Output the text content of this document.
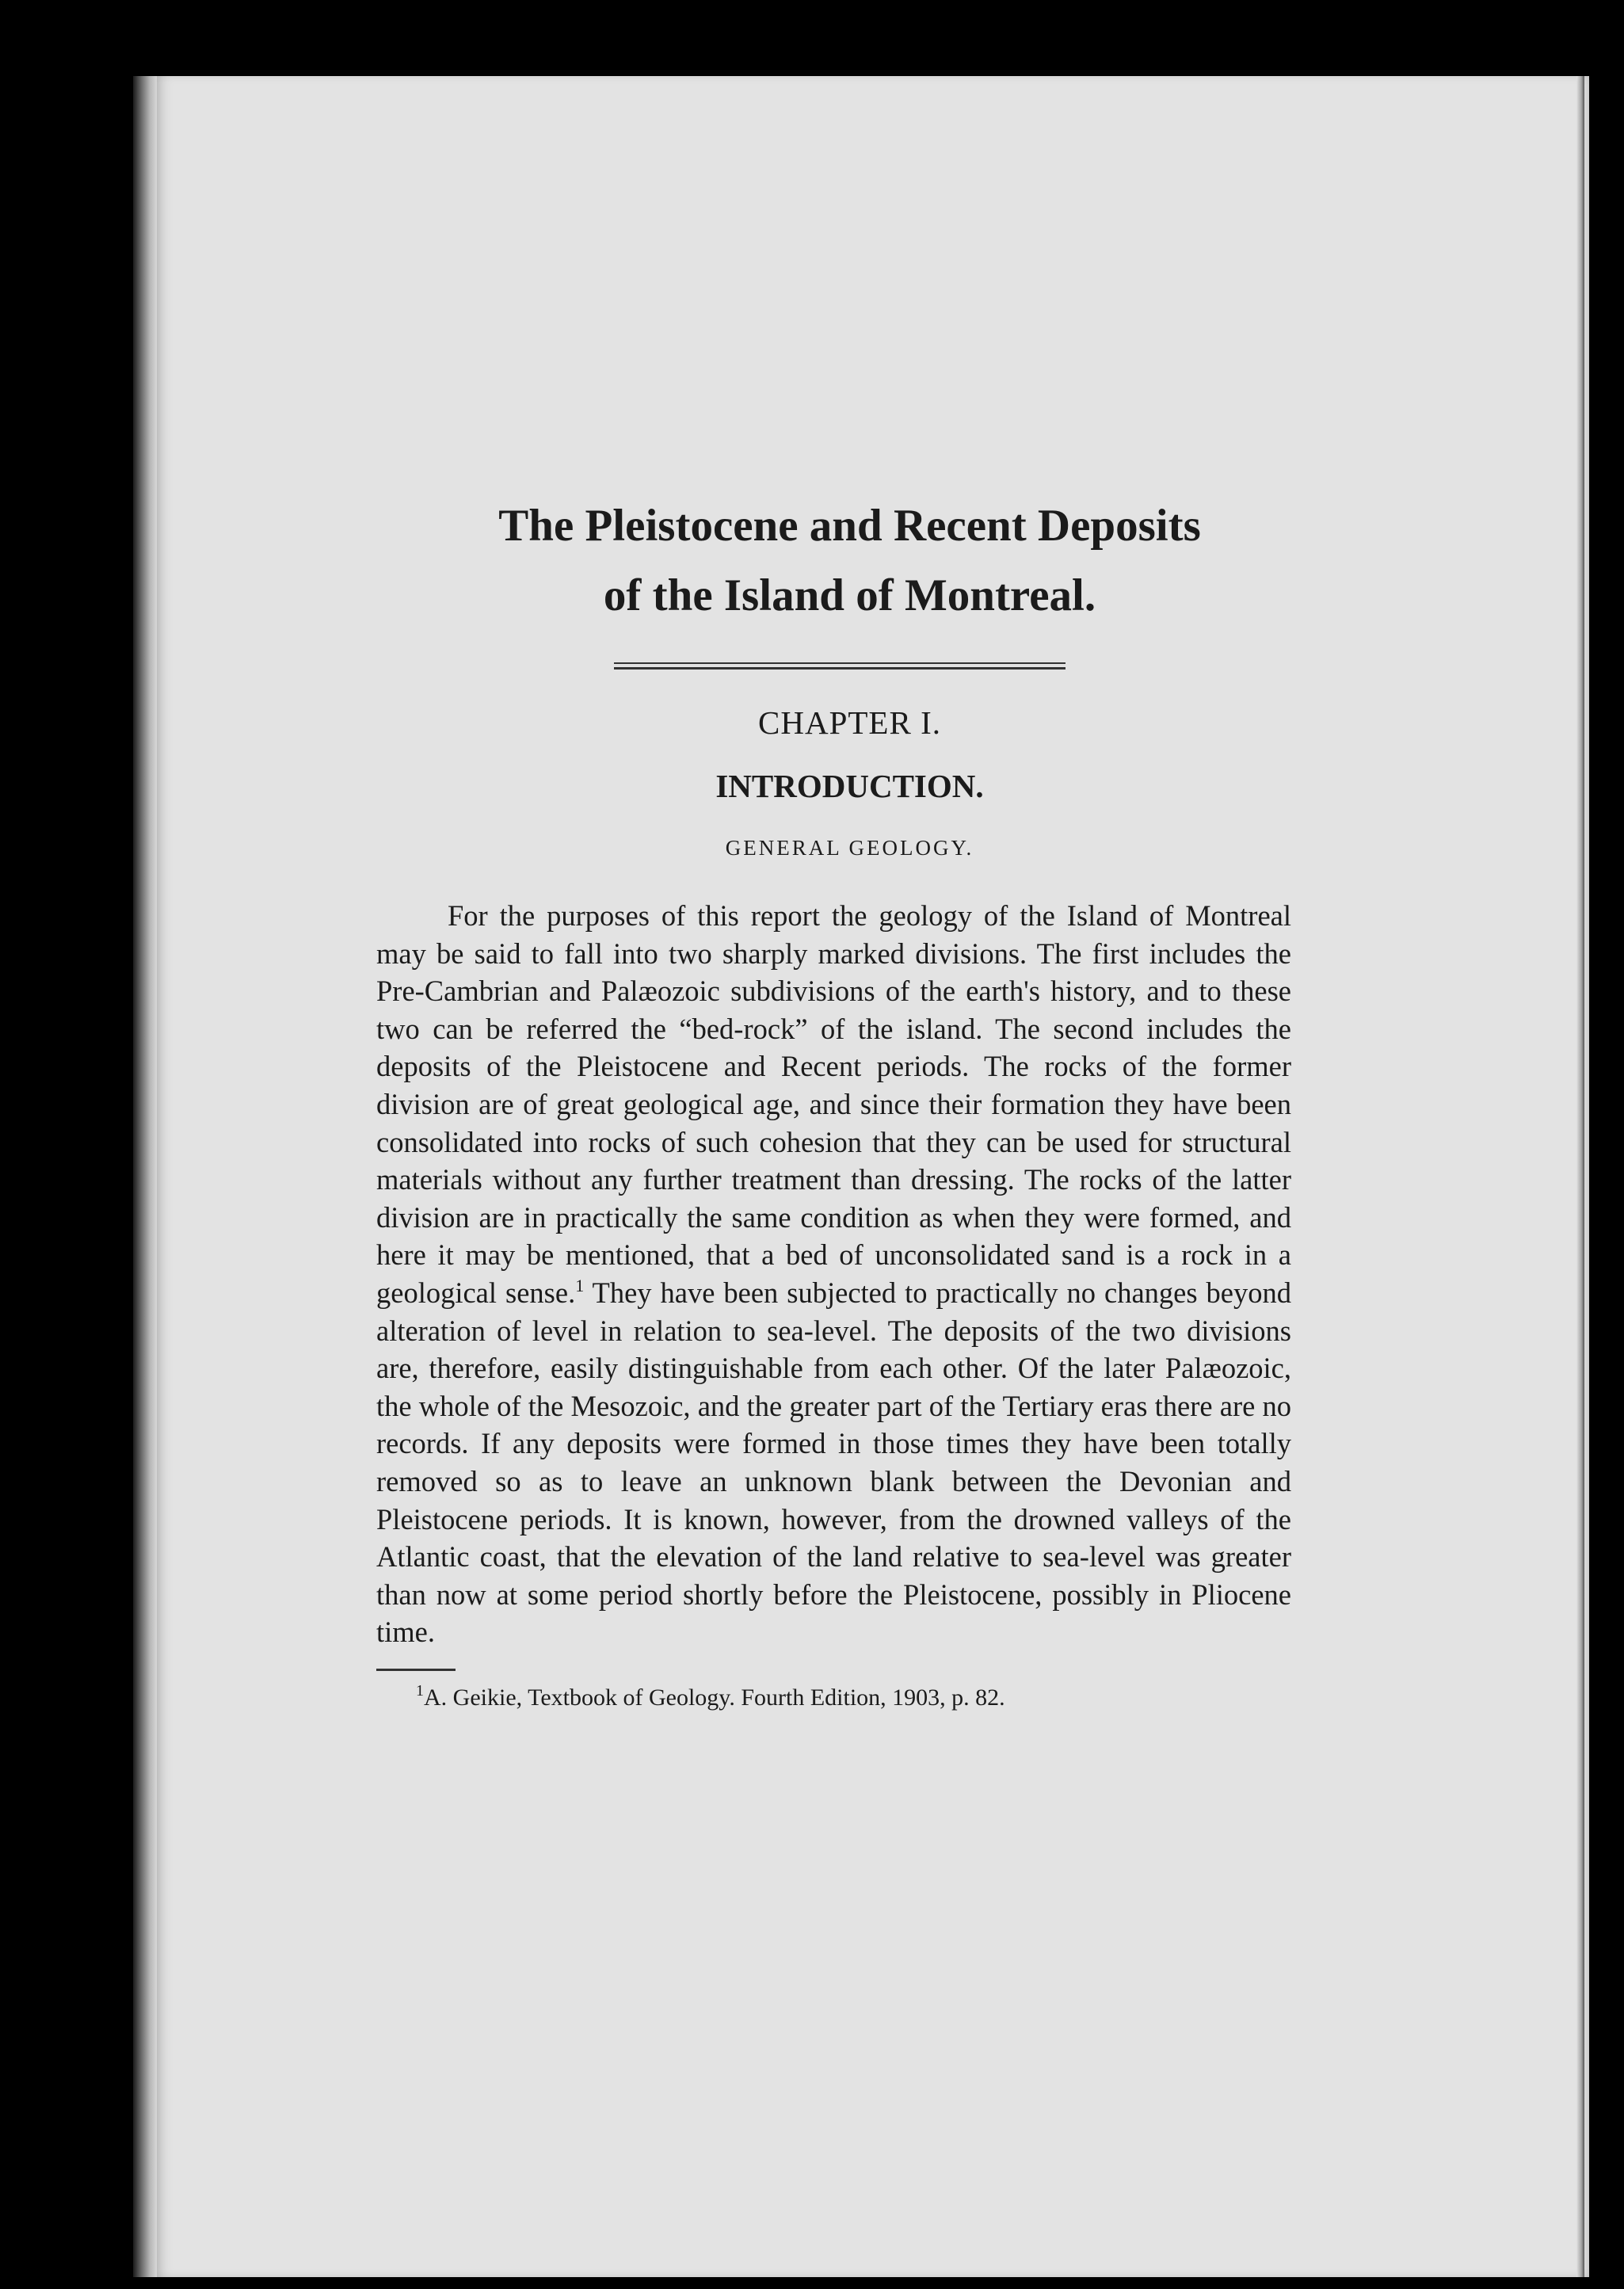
The Pleistocene and Recent Deposits
of the Island of Montreal.
CHAPTER I.
INTRODUCTION.
GENERAL GEOLOGY.

For the purposes of this report the geology of the Island of Montreal may be said to fall into two sharply marked divisions. The first includes the Pre-Cambrian and Palæozoic subdivisions of the earth's history, and to these two can be referred the “bed-rock” of the island. The second includes the deposits of the Pleistocene and Recent periods. The rocks of the former division are of great geological age, and since their formation they have been consolidated into rocks of such cohesion that they can be used for structural materials without any further treatment than dressing. The rocks of the latter division are in practically the same condition as when they were formed, and here it may be mentioned, that a bed of unconsolidated sand is a rock in a geological sense.$^1$ They have been subjected to practically no changes beyond alteration of level in relation to sea-level. The deposits of the two divisions are, therefore, easily distinguishable from each other. Of the later Palæozoic, the whole of the Mesozoic, and the greater part of the Tertiary eras there are no records. If any deposits were formed in those times they have been totally removed so as to leave an unknown blank between the Devonian and Pleistocene periods. It is known, however, from the drowned valleys of the Atlantic coast, that the elevation of the land relative to sea-level was greater than now at some period shortly before the Pleistocene, possibly in Pliocene time.

$^1$A. Geikie, Textbook of Geology. Fourth Edition, 1903, p. 82.
